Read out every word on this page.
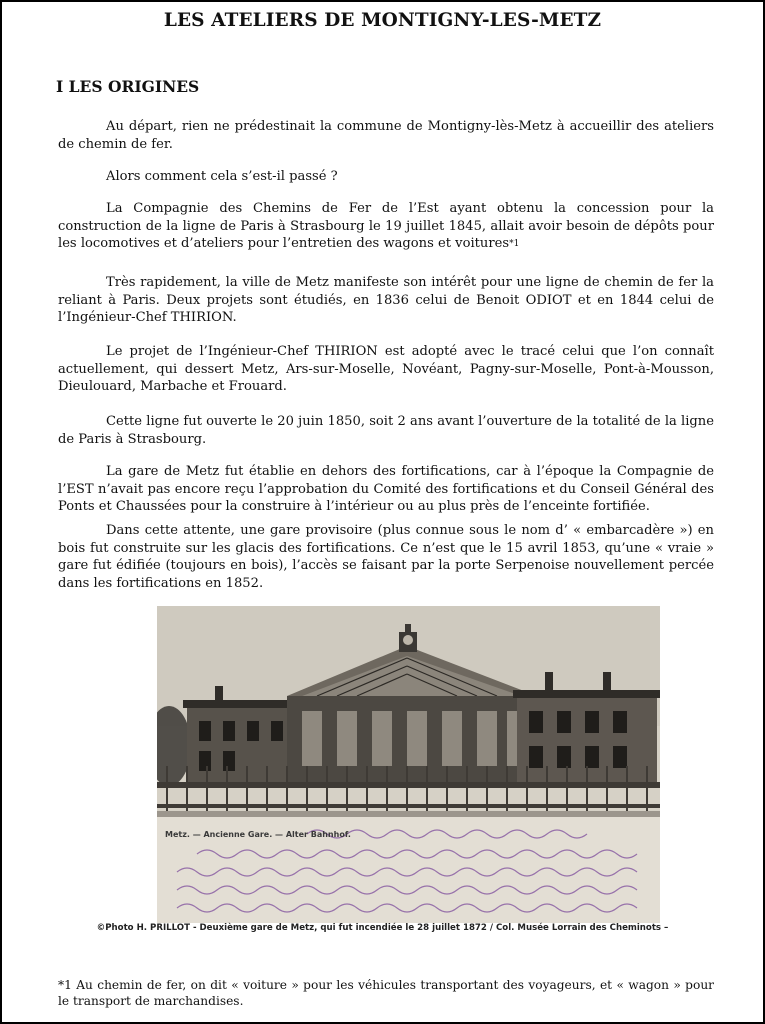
LES ATELIERS DE MONTIGNY-LES-METZ
I LES ORIGINES

Au départ, rien ne prédestinait la commune de Montigny-lès-Metz à accueillir des ateliers de chemin de fer.

Alors comment cela s’est-il passé ?

La Compagnie des Chemins de Fer de l’Est ayant obtenu la concession pour la construction de la ligne de Paris à Strasbourg le 19 juillet 1845, allait avoir besoin de dépôts pour les locomotives et d’ateliers pour l’entretien des wagons et voitures*1

Très rapidement, la ville de Metz manifeste son intérêt pour une ligne de chemin de fer la reliant à Paris. Deux projets sont étudiés, en 1836 celui de Benoit ODIOT et en 1844 celui de l’Ingénieur-Chef THIRION.

Le projet de l’Ingénieur-Chef THIRION est adopté avec le tracé celui que l’on connaît actuellement, qui dessert Metz, Ars-sur-Moselle, Novéant, Pagny-sur-Moselle, Pont-à-Mousson, Dieulouard, Marbache et Frouard.

Cette ligne fut ouverte le 20 juin 1850, soit 2 ans avant l’ouverture de la totalité de la ligne de Paris à Strasbourg.

La gare de Metz fut établie en dehors des fortifications, car à l’époque la Compagnie de l’EST n’avait pas encore reçu l’approbation du Comité des fortifications et du Conseil Général des Ponts et Chaussées pour la construire à l’intérieur ou au plus près de l’enceinte fortifiée.

Dans cette attente, une gare provisoire (plus connue sous le nom d’ « embarcadère ») en bois fut construite sur les glacis des fortifications. Ce n’est que le 15 avril 1853, qu’une « vraie » gare fut édifiée (toujours en bois), l’accès se faisant par la porte Serpenoise nouvellement percée dans les fortifications en 1852.

Metz. — Ancienne Gare. — Alter Bahnhof.
©Photo H. PRILLOT - Deuxième gare de Metz, qui fut incendiée le 28 juillet 1872 / Col. Musée Lorrain des Cheminots –

*1 Au chemin de fer, on dit « voiture » pour les véhicules transportant des voyageurs, et « wagon » pour le transport de marchandises.
